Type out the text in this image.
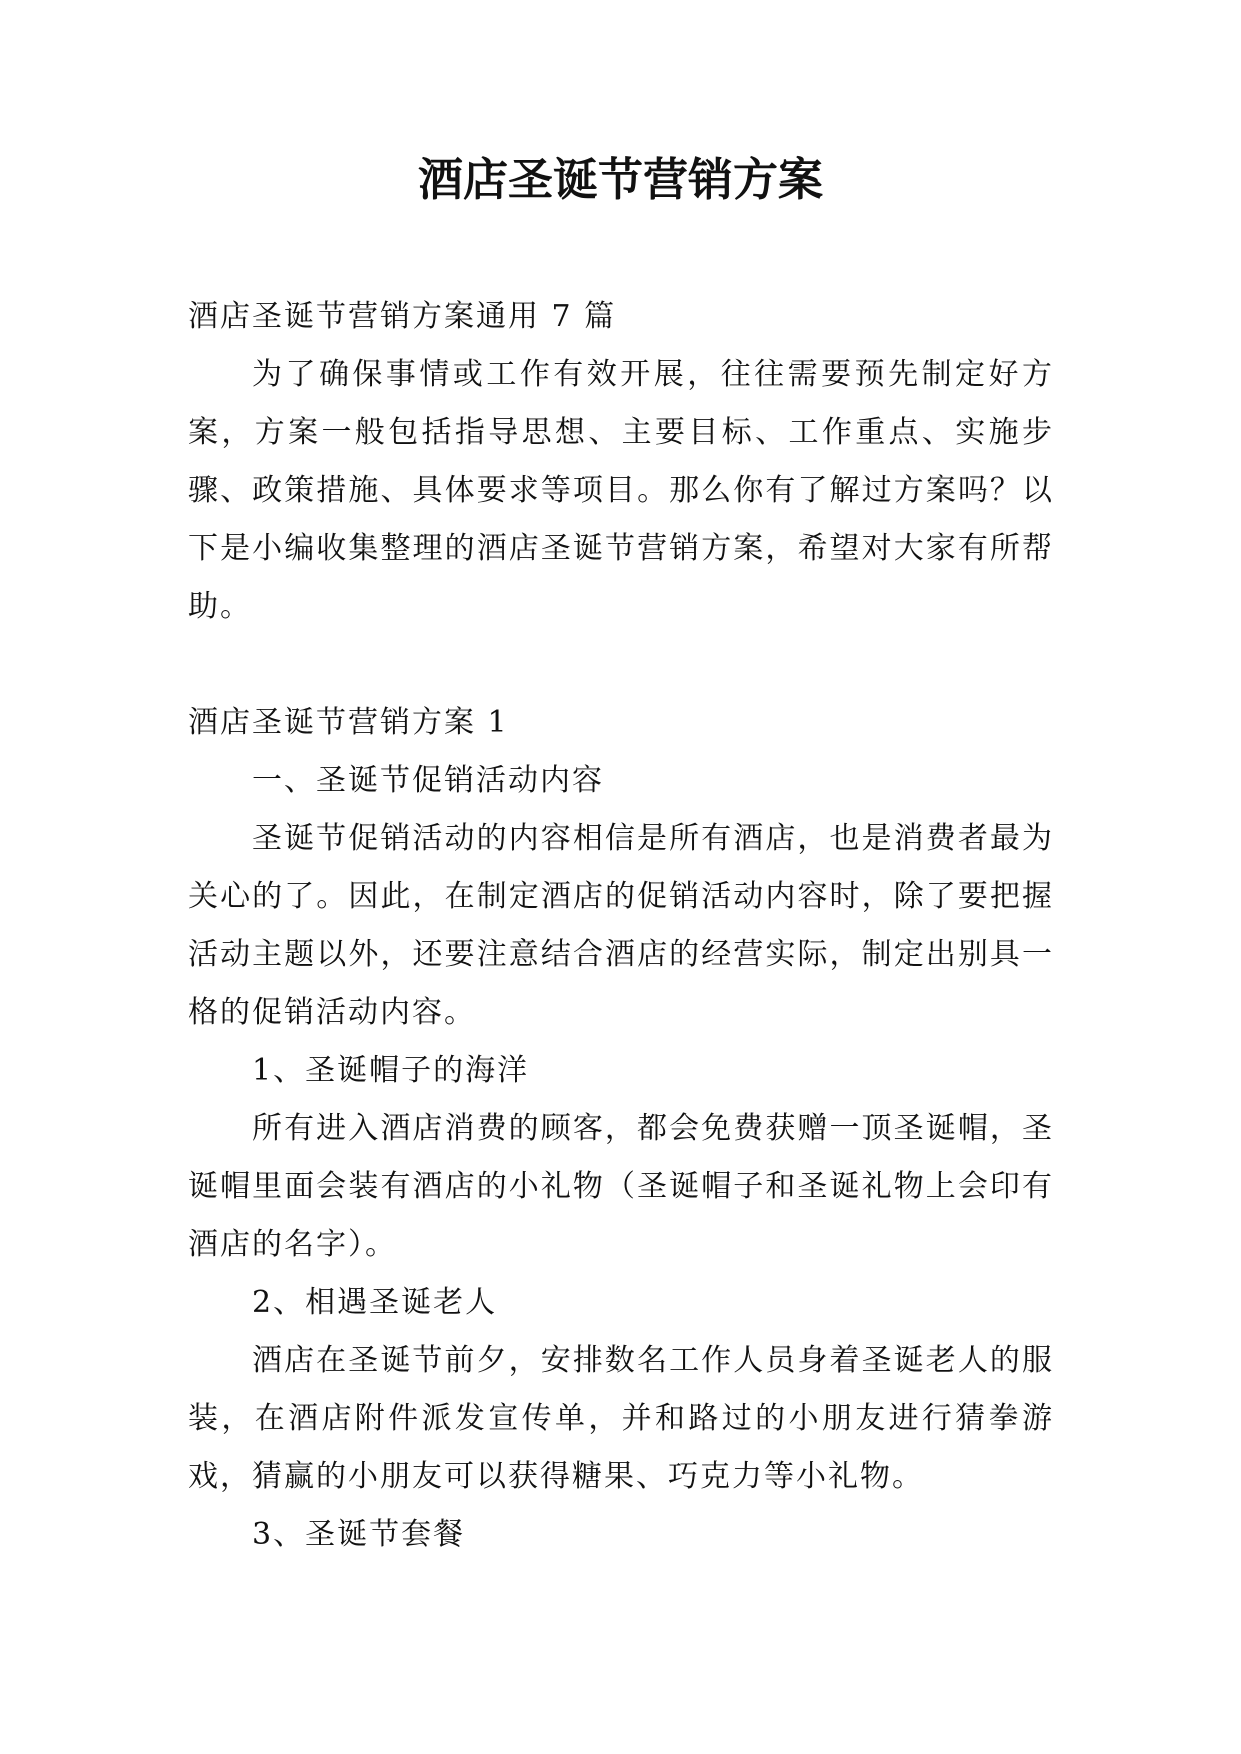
酒店圣诞节营销方案

酒店圣诞节营销方案通用 7 篇

为了确保事情或工作有效开展，往往需要预先制定好方案，方案一般包括指导思想、主要目标、工作重点、实施步骤、政策措施、具体要求等项目。那么你有了解过方案吗？以下是小编收集整理的酒店圣诞节营销方案，希望对大家有所帮助。

酒店圣诞节营销方案 1

一、圣诞节促销活动内容

圣诞节促销活动的内容相信是所有酒店，也是消费者最为关心的了。因此，在制定酒店的促销活动内容时，除了要把握活动主题以外，还要注意结合酒店的经营实际，制定出别具一格的促销活动内容。

1、圣诞帽子的海洋

所有进入酒店消费的顾客，都会免费获赠一顶圣诞帽，圣诞帽里面会装有酒店的小礼物（圣诞帽子和圣诞礼物上会印有酒店的名字）。

2、相遇圣诞老人

酒店在圣诞节前夕，安排数名工作人员身着圣诞老人的服装，在酒店附件派发宣传单，并和路过的小朋友进行猜拳游戏，猜赢的小朋友可以获得糖果、巧克力等小礼物。

3、圣诞节套餐
